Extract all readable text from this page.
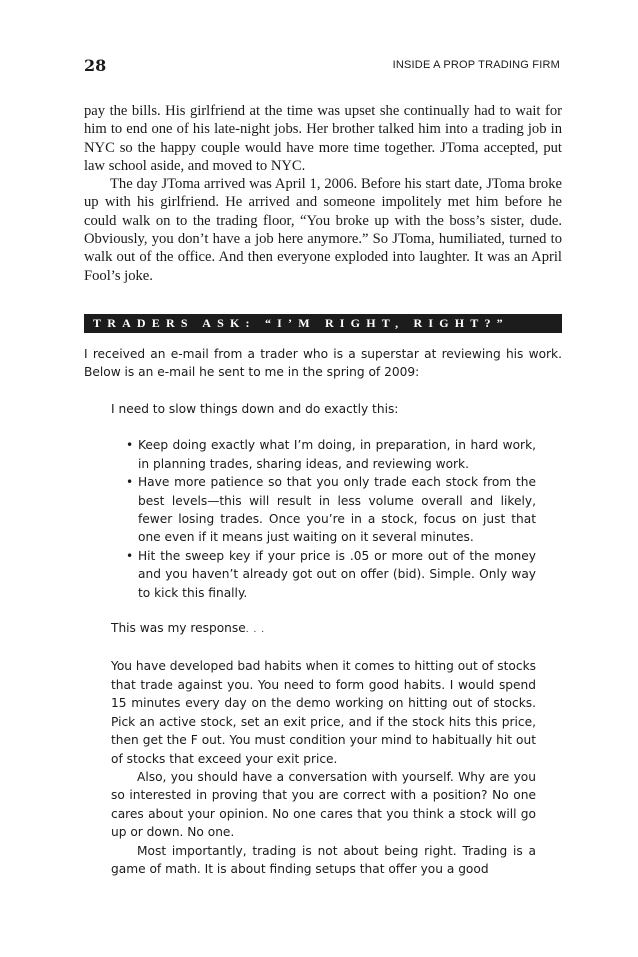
28	INSIDE A PROP TRADING FIRM

pay the bills. His girlfriend at the time was upset she continually had to wait for him to end one of his late-night jobs. Her brother talked him into a trading job in NYC so the happy couple would have more time together. JToma accepted, put law school aside, and moved to NYC.

The day JToma arrived was April 1, 2006. Before his start date, JToma broke up with his girlfriend. He arrived and someone impolitely met him before he could walk on to the trading floor, “You broke up with the boss’s sister, dude. Obviously, you don’t have a job here anymore.” So JToma, humiliated, turned to walk out of the office. And then everyone exploded into laughter. It was an April Fool’s joke.

TRADERS ASK: “I’M RIGHT, RIGHT?”

I received an e-mail from a trader who is a superstar at reviewing his work. Below is an e-mail he sent to me in the spring of 2009:

I need to slow things down and do exactly this:

• Keep doing exactly what I’m doing, in preparation, in hard work, in planning trades, sharing ideas, and reviewing work.
• Have more patience so that you only trade each stock from the best levels—this will result in less volume overall and likely, fewer losing trades. Once you’re in a stock, focus on just that one even if it means just waiting on it several minutes.
• Hit the sweep key if your price is .05 or more out of the money and you haven’t already got out on offer (bid). Simple. Only way to kick this finally.

This was my response. . .

You have developed bad habits when it comes to hitting out of stocks that trade against you. You need to form good habits. I would spend 15 minutes every day on the demo working on hitting out of stocks. Pick an active stock, set an exit price, and if the stock hits this price, then get the F out. You must condition your mind to habitually hit out of stocks that exceed your exit price.

Also, you should have a conversation with yourself. Why are you so interested in proving that you are correct with a position? No one cares about your opinion. No one cares that you think a stock will go up or down. No one.

Most importantly, trading is not about being right. Trading is a game of math. It is about finding setups that offer you a good
